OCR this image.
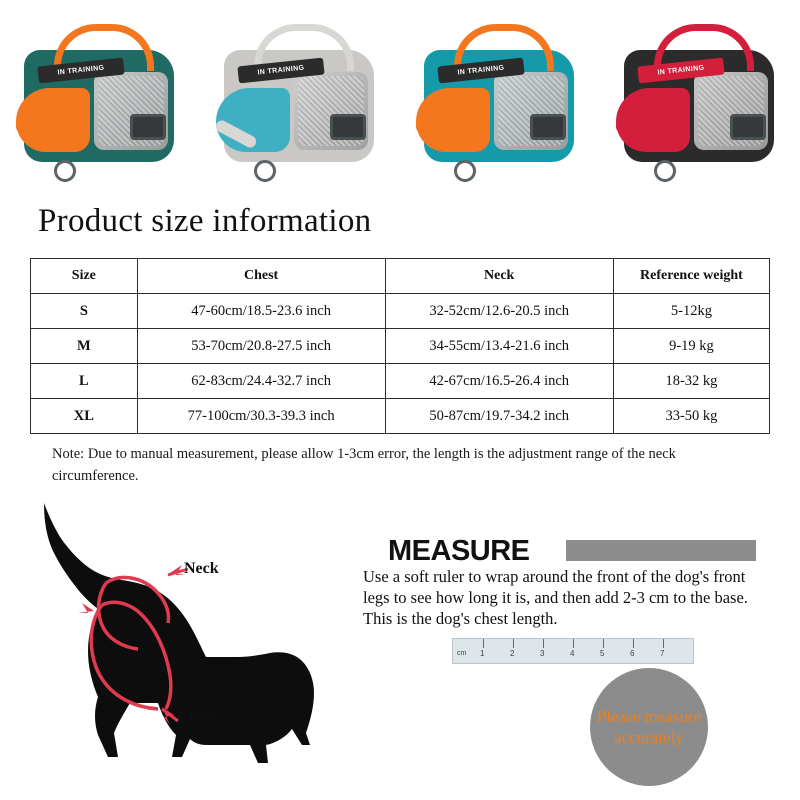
IN TRAINING	IN TRAINING	IN TRAINING	IN TRAINING
Product size information
Size	Chest	Neck	Reference weight
S	47-60cm/18.5-23.6 inch	32-52cm/12.6-20.5 inch	5-12kg
M	53-70cm/20.8-27.5 inch	34-55cm/13.4-21.6 inch	9-19 kg
L	62-83cm/24.4-32.7 inch	42-67cm/16.5-26.4 inch	18-32 kg
XL	77-100cm/30.3-39.3 inch	50-87cm/19.7-34.2 inch	33-50 kg
Note: Due to manual measurement, please allow 1-3cm error, the length is the adjustment range of the neck circumference.
Neck
Chest
MEASURE
Use a soft ruler to wrap around the front of the dog's front legs to see how long it is, and then add 2-3 cm to the base. This is the dog's chest length.
cm 1	2	3	4	5	6	7
Please measure accurately
